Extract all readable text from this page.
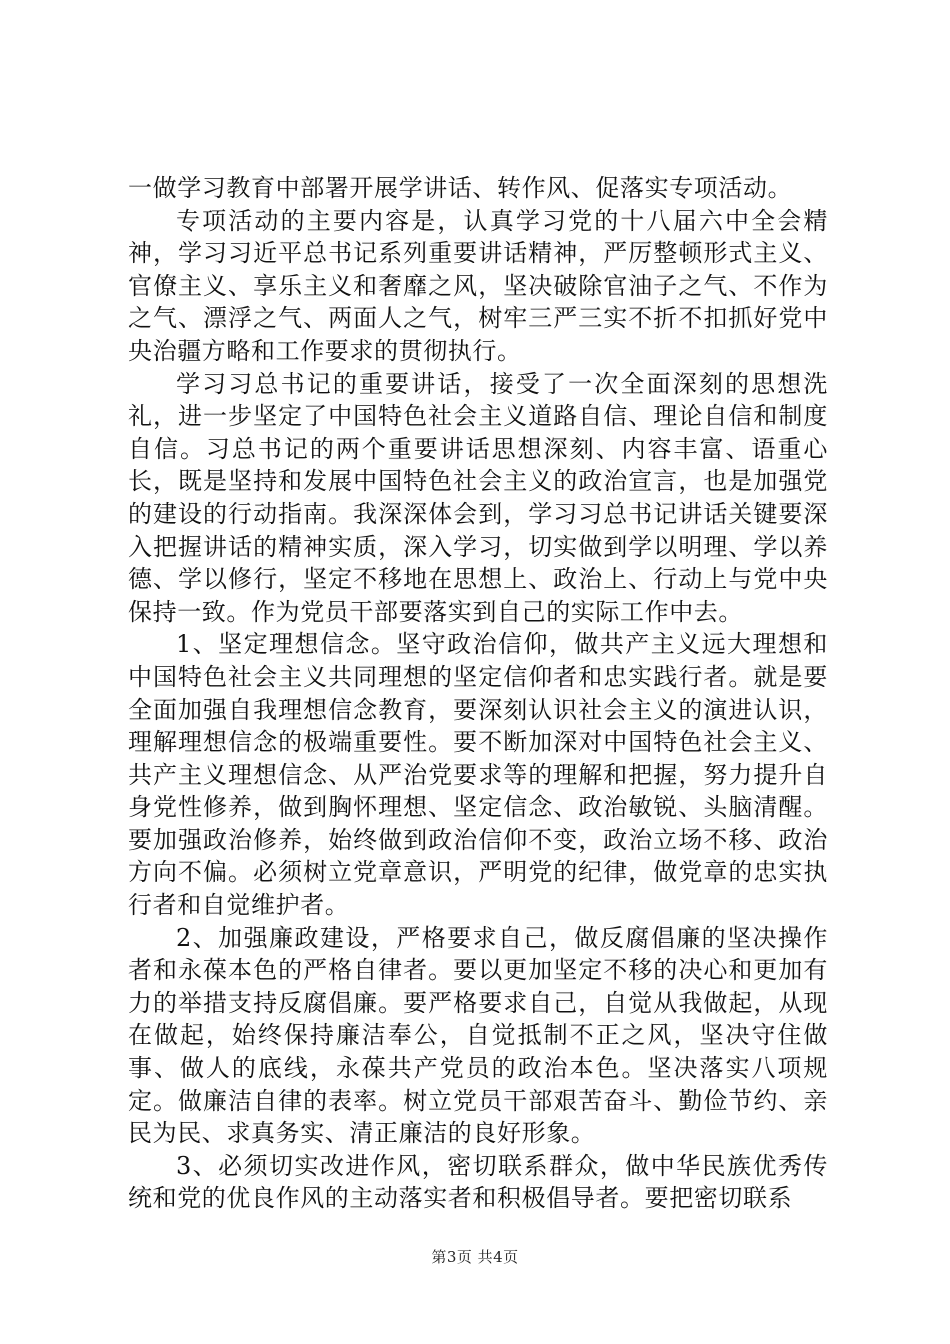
一做学习教育中部署开展学讲话、转作风、促落实专项活动。

专项活动的主要内容是，认真学习党的十八届六中全会精神，学习习近平总书记系列重要讲话精神，严厉整顿形式主义、官僚主义、享乐主义和奢靡之风，坚决破除官油子之气、不作为之气、漂浮之气、两面人之气，树牢三严三实不折不扣抓好党中央治疆方略和工作要求的贯彻执行。

学习习总书记的重要讲话，接受了一次全面深刻的思想洗礼，进一步坚定了中国特色社会主义道路自信、理论自信和制度自信。习总书记的两个重要讲话思想深刻、内容丰富、语重心长，既是坚持和发展中国特色社会主义的政治宣言，也是加强党的建设的行动指南。我深深体会到，学习习总书记讲话关键要深入把握讲话的精神实质，深入学习，切实做到学以明理、学以养德、学以修行，坚定不移地在思想上、政治上、行动上与党中央保持一致。作为党员干部要落实到自己的实际工作中去。

1、坚定理想信念。坚守政治信仰，做共产主义远大理想和中国特色社会主义共同理想的坚定信仰者和忠实践行者。就是要全面加强自我理想信念教育，要深刻认识社会主义的演进认识，理解理想信念的极端重要性。要不断加深对中国特色社会主义、共产主义理想信念、从严治党要求等的理解和把握，努力提升自身党性修养，做到胸怀理想、坚定信念、政治敏锐、头脑清醒。要加强政治修养，始终做到政治信仰不变，政治立场不移、政治方向不偏。必须树立党章意识，严明党的纪律，做党章的忠实执行者和自觉维护者。

2、加强廉政建设，严格要求自己，做反腐倡廉的坚决操作者和永葆本色的严格自律者。要以更加坚定不移的决心和更加有力的举措支持反腐倡廉。要严格要求自己，自觉从我做起，从现在做起，始终保持廉洁奉公，自觉抵制不正之风，坚决守住做事、做人的底线，永葆共产党员的政治本色。坚决落实八项规定。做廉洁自律的表率。树立党员干部艰苦奋斗、勤俭节约、亲民为民、求真务实、清正廉洁的良好形象。

3、必须切实改进作风，密切联系群众，做中华民族优秀传统和党的优良作风的主动落实者和积极倡导者。要把密切联系

第3页 共4页
